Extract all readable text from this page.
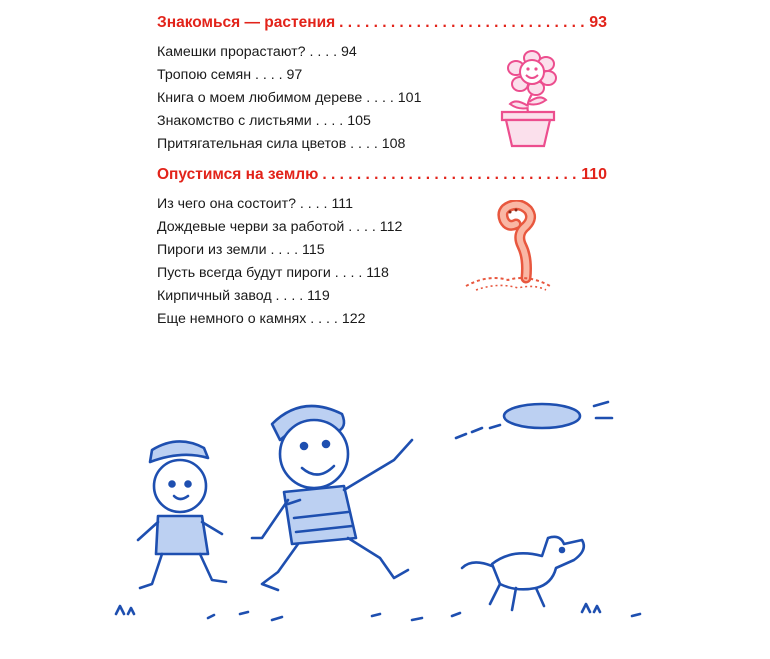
Знакомься — растения . . .	93
Камешки прорастают? . . . . 94
Тропою семян . . . . 97
Книга о моем любимом дереве . . . . 101
Знакомство с листьями . . . . 105
Притягательная сила цветов . . . . 108
Опустимся на землю . . .	110
Из чего она состоит? . . . . 111
Дождевые черви за работой . . . . 112
Пироги из земли . . . . 115
Пусть всегда будут пироги . . . . 118
Кирпичный завод . . . . 119
Еще немного о камнях . . . . 122
